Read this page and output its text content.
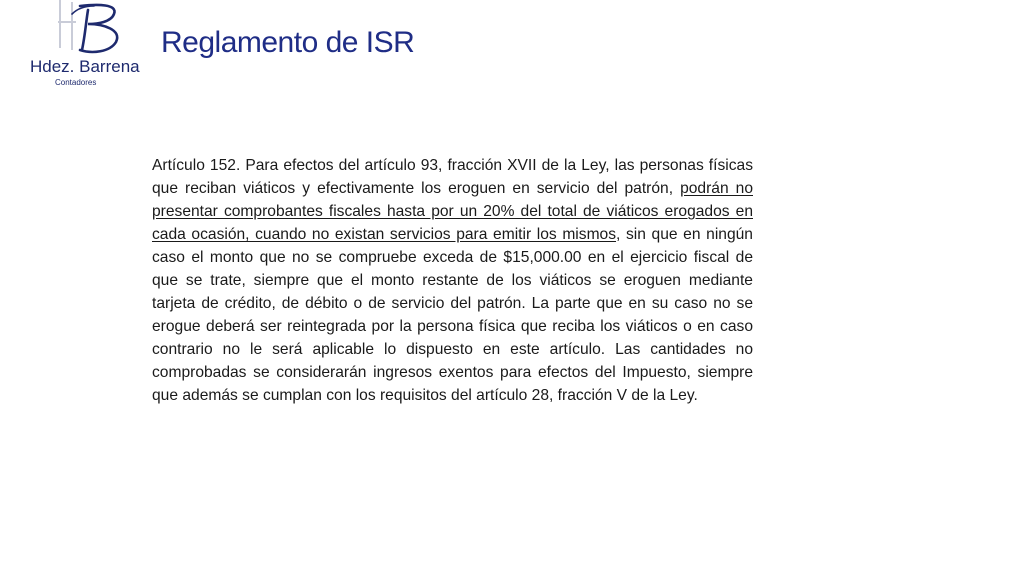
Hdez. Barrena
Contadores
Reglamento de ISR

Artículo 152. Para efectos del artículo 93, fracción XVII de la Ley, las personas físicas que reciban viáticos y efectivamente los eroguen en servicio del patrón, podrán no presentar comprobantes fiscales hasta por un 20% del total de viáticos erogados en cada ocasión, cuando no existan servicios para emitir los mismos, sin que en ningún caso el monto que no se compruebe exceda de $15,000.00 en el ejercicio fiscal de que se trate, siempre que el monto restante de los viáticos se eroguen mediante tarjeta de crédito, de débito o de servicio del patrón. La parte que en su caso no se erogue deberá ser reintegrada por la persona física que reciba los viáticos o en caso contrario no le será aplicable lo dispuesto en este artículo. Las cantidades no comprobadas se considerarán ingresos exentos para efectos del Impuesto, siempre que además se cumplan con los requisitos del artículo 28, fracción V de la Ley.
